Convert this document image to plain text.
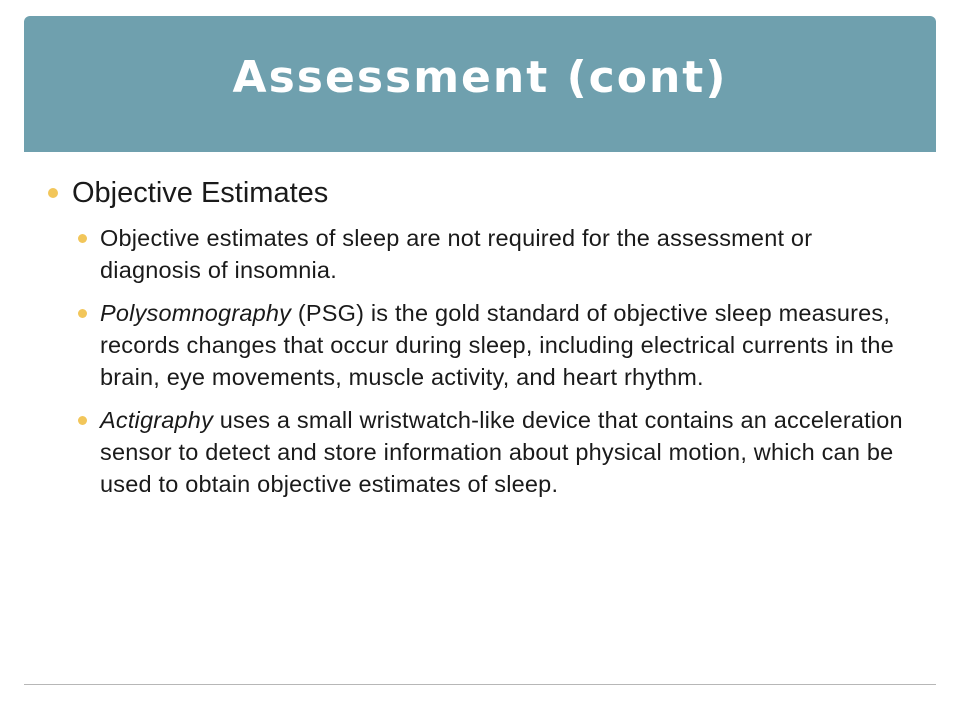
Assessment (cont)
Objective Estimates
Objective estimates of sleep are not required for the assessment or diagnosis of insomnia.
Polysomnography (PSG) is the gold standard of objective sleep measures, records changes that occur during sleep, including electrical currents in the brain, eye movements, muscle activity, and heart rhythm.
Actigraphy uses a small wristwatch-like device that contains an acceleration sensor to detect and store information about physical motion, which can be used to obtain objective estimates of sleep.
